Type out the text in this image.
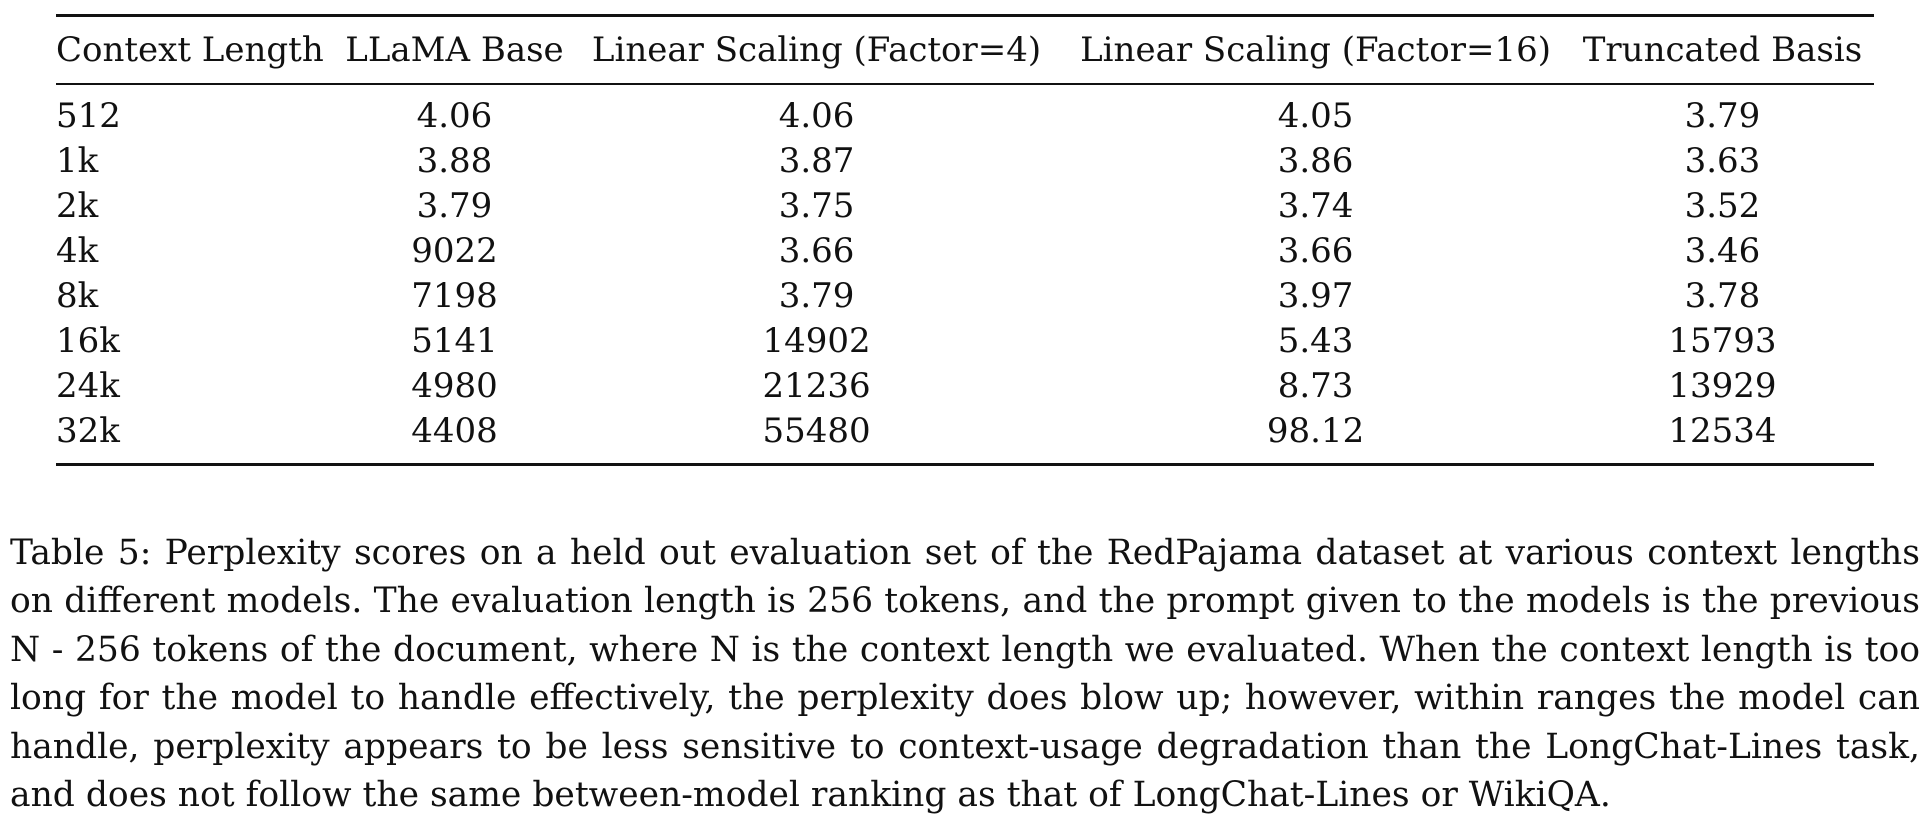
Context Length	LLaMA Base	Linear Scaling (Factor=4)	Linear Scaling (Factor=16)	Truncated Basis
512	4.06	4.06	4.05	3.79
1k	3.88	3.87	3.86	3.63
2k	3.79	3.75	3.74	3.52
4k	9022	3.66	3.66	3.46
8k	7198	3.79	3.97	3.78
16k	5141	14902	5.43	15793
24k	4980	21236	8.73	13929
32k	4408	55480	98.12	12534

Table 5: Perplexity scores on a held out evaluation set of the RedPajama dataset at various context lengths on different models. The evaluation length is 256 tokens, and the prompt given to the models is the previous N - 256 tokens of the document, where N is the context length we evaluated. When the context length is too long for the model to handle effectively, the perplexity does blow up; however, within ranges the model can handle, perplexity appears to be less sensitive to context-usage degradation than the LongChat-Lines task, and does not follow the same between-model ranking as that of LongChat-Lines or WikiQA.
